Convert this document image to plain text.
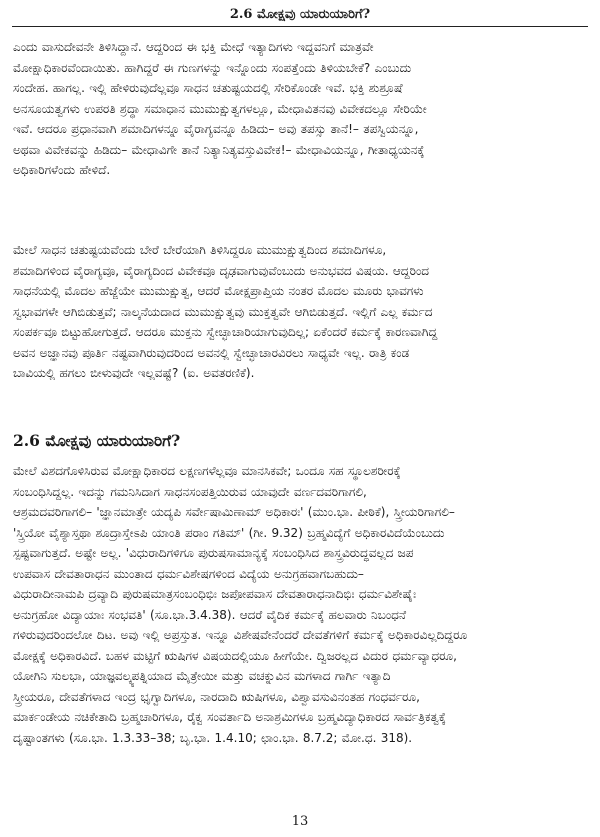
2.6 ಮೋಕ್ಷವು ಯಾರುಯಾರಿಗೆ?

ಎಂದು ವಾಸುದೇವನೇ ತಿಳಿಸಿದ್ದಾನೆ. ಆದ್ದರಿಂದ ಈ ಭಕ್ತಿ ಮೇಧೆ ಇತ್ಯಾದಿಗಳು ಇದ್ದವನಿಗೆ ಮಾತ್ರವೇ
ಮೋಕ್ಷಾಧಿಕಾರವೆಂದಾಯಿತು. ಹಾಗಿದ್ದರೆ ಈ ಗುಣಗಳನ್ನು ಇನ್ನೊಂದು ಸಂಪತ್ತೆಂದು ತಿಳಿಯಬೇಕೆ? ಎಂಬುದು
ಸಂದೇಹ. ಹಾಗಲ್ಲ. ಇಲ್ಲಿ ಹೇಳಿರುವುದೆಲ್ಲವೂ ಸಾಧನ ಚತುಷ್ಟಯದಲ್ಲಿ ಸೇರಿಕೊಂಡೇ ಇವೆ. ಭಕ್ತಿ ಶುಶ್ರೂಷೆ
ಅನಸೂಯತ್ವಗಳು ಉಪರತಿ ಶ್ರದ್ಧಾ ಸಮಾಧಾನ ಮುಮುಕ್ಷುತ್ವಗಳಲ್ಲೂ, ಮೇಧಾವಿತನವು ವಿವೇಕದಲ್ಲೂ ಸೇರಿಯೇ
ಇವೆ. ಆದರೂ ಪ್ರಧಾನವಾಗಿ ಶಮಾದಿಗಳನ್ನೂ ವೈರಾಗ್ಯವನ್ನೂ ಹಿಡಿದು– ಅವು ತಪಸ್ಸು ತಾನೆ!– ತಪಸ್ವಿಯನ್ನೂ,
ಅಥವಾ ವಿವೇಕವನ್ನು ಹಿಡಿದು– ಮೇಧಾವಿಗೇ ತಾನೆ ನಿತ್ಯಾನಿತ್ಯವಸ್ತುವಿವೇಕ!– ಮೇಧಾವಿಯನ್ನೂ, ಗೀತಾಧ್ಯಯನಕ್ಕೆ
ಅಧಿಕಾರಿಗಳೆಂದು ಹೇಳಿದೆ.

ಮೇಲೆ ಸಾಧನ ಚತುಷ್ಟಯವೆಂದು ಬೇರೆ ಬೇರೆಯಾಗಿ ತಿಳಿಸಿದ್ದರೂ ಮುಮುಕ್ಷುತ್ವದಿಂದ ಶಮಾದಿಗಳೂ,
ಶಮಾದಿಗಳಿಂದ ವೈರಾಗ್ಯವೂ, ವೈರಾಗ್ಯದಿಂದ ವಿವೇಕವೂ ದೃಢವಾಗುವುವೆಂಬುದು ಅನುಭವದ ವಿಷಯ. ಆದ್ದರಿಂದ
ಸಾಧನೆಯಲ್ಲಿ ಮೊದಲ ಹೆಜ್ಜೆಯೇ ಮುಮುಕ್ಷುತ್ವ, ಆದರೆ ಮೋಕ್ಷಪ್ರಾಪ್ತಿಯ ನಂತರ ಮೊದಲ ಮೂರು ಭಾವಗಳು
ಸ್ವಭಾವಗಳೇ ಆಗಿಬಿಡುತ್ತವೆ; ನಾಲ್ಕನೆಯದಾದ ಮುಮುಕ್ಷುತ್ವವು ಮುಕ್ತತ್ವವೇ ಆಗಿಬಿಡುತ್ತದೆ. ಇಲ್ಲಿಗೆ ಎಲ್ಲ ಕರ್ಮದ
ಸಂಪರ್ಕವೂ ಬಿಟ್ಟುಹೋಗುತ್ತದೆ. ಆದರೂ ಮುಕ್ತನು ಸ್ವೇಚ್ಛಾಚಾರಿಯಾಗುವುದಿಲ್ಲ; ಏಕೆಂದರೆ ಕರ್ಮಕ್ಕೆ ಕಾರಣವಾಗಿದ್ದ
ಅವನ ಅಜ್ಞಾನವು ಪೂರ್ತಿ ನಷ್ಟವಾಗಿರುವುದರಿಂದ ಅವನಲ್ಲಿ ಸ್ವೇಚ್ಛಾಚಾರವಿರಲು ಸಾಧ್ಯವೇ ಇಲ್ಲ. ರಾತ್ರಿ ಕಂಡ
ಬಾವಿಯಲ್ಲಿ ಹಗಲು ಬೀಳುವುದೇ ಇಲ್ಲವಷ್ಟೆ? (ಐ. ಅವತರಣಿಕೆ).

2.6 ಮೋಕ್ಷವು ಯಾರುಯಾರಿಗೆ?

ಮೇಲೆ ವಿಶದಗೊಳಿಸಿರುವ ಮೋಕ್ಷಾಧಿಕಾರದ ಲಕ್ಷಣಗಳೆಲ್ಲವೂ ಮಾನಸಿಕವೇ; ಒಂದೂ ಸಹ ಸ್ಥೂಲಶರೀರಕ್ಕೆ
ಸಂಬಂಧಿಸಿದ್ದಲ್ಲ. ಇದನ್ನು ಗಮನಿಸಿದಾಗ ಸಾಧನಸಂಪತ್ತಿಯಿರುವ ಯಾವುದೇ ವರ್ಣದವರಿಗಾಗಲಿ,
ಆಶ್ರಮದವರಿಗಾಗಲಿ– 'ಜ್ಞಾನಮಾತ್ರೇ ಯದ್ಯಪಿ ಸರ್ವೇಷಾಮಿಣಾಮ್ ಅಧಿಕಾರಃ' (ಮುಂ.ಭಾ. ಪೀಠಿಕೆ), ಸ್ತ್ರೀಯರಿಗಾಗಲಿ–
'ಸ್ತ್ರಿಯೋ ವೈಶ್ಯಾಸ್ತಥಾ ಶೂದ್ರಾಸ್ತೇಽಪಿ ಯಾಂತಿ ಪರಾಂ ಗತಿಮ್' (ಗೀ. 9.32) ಬ್ರಹ್ಮವಿದ್ಯೆಗೆ ಅಧಿಕಾರವಿದೆಯೆಂಬುದು
ಸ್ಪಷ್ಟವಾಗುತ್ತದೆ. ಅಷ್ಟೇ ಅಲ್ಲ. 'ವಿಧುರಾದಿಗಳಿಗೂ ಪುರುಷಸಾಮಾನ್ಯಕ್ಕೆ ಸಂಬಂಧಿಸಿದ ಶಾಸ್ತ್ರವಿರುದ್ಧವಲ್ಲದ ಜಪ
ಉಪವಾಸ ದೇವತಾರಾಧನ ಮುಂತಾದ ಧರ್ಮವಿಶೇಷಗಳಿಂದ ವಿದ್ಯೆಯ ಅನುಗ್ರಹವಾಗಬಹುದು–
ವಿಧುರಾದೀನಾಮಪಿ ದ್ರವ್ಯಾದಿ ಪುರುಷಮಾತ್ರಸಂಬಂಧಿಭಿಃ ಜಪೋಪವಾಸ ದೇವತಾರಾಧನಾದಿಭಿಃ ಧರ್ಮವಿಶೇಷೈಃ
ಅನುಗ್ರಹೋ ವಿದ್ಯಾಯಾಃ ಸಂಭವತಿ' (ಸೂ.ಭಾ.3.4.38). ಆದರೆ ವೈದಿಕ ಕರ್ಮಕ್ಕೆ ಹಲವಾರು ನಿಬಂಧನೆ
ಗಳಿರುವುದರಿಂದಲೋ ದಿಟ. ಅವು ಇಲ್ಲಿ ಅಪ್ರಸ್ತುತ. ಇನ್ನೂ ವಿಶೇಷವೇನೆಂದರೆ ದೇವತೆಗಳಿಗೆ ಕರ್ಮಕ್ಕೆ ಅಧಿಕಾರವಿಲ್ಲದಿದ್ದರೂ
ಮೋಕ್ಷಕ್ಕೆ ಅಧಿಕಾರವಿದೆ. ಬಹಳ ಮಟ್ಟಿಗೆ ಋಷಿಗಳ ವಿಷಯದಲ್ಲಿಯೂ ಹೀಗೆಯೇ. ದ್ವಿಜರಲ್ಲದ ವಿದುರ ಧರ್ಮವ್ಯಾಧರೂ,
ಯೋಗಿನಿ ಸುಲಭಾ, ಯಾಜ್ಞವಲ್ಕ್ಯಪತ್ನಿಯಾದ ಮೈತ್ರೇಯೀ ಮತ್ತು ವಚಕ್ನುವಿನ ಮಗಳಾದ ಗಾರ್ಗಿ ಇತ್ಯಾದಿ
ಸ್ತ್ರೀಯರೂ, ದೇವತೆಗಳಾದ ಇಂದ್ರ ಭೃಗ್ವಾದಿಗಳೂ, ನಾರದಾದಿ ಋಷಿಗಳೂ, ವಿಶ್ವಾವಸುವಿನಂತಹ ಗಂಧರ್ವರೂ,
ಮಾರ್ಕಂಡೇಯ ನಚಿಕೇತಾದಿ ಬ್ರಹ್ಮಚಾರಿಗಳೂ, ರೈಕ್ವ ಸಂವರ್ತಾದಿ ಅನಾಶ್ರಮಿಗಳೂ ಬ್ರಹ್ಮವಿದ್ಯಾಧಿಕಾರದ ಸಾರ್ವತ್ರಿಕತ್ವಕ್ಕೆ
ದೃಷ್ಟಾಂತಗಳು (ಸೂ.ಭಾ. 1.3.33–38; ಬೃ.ಭಾ. 1.4.10; ಛಾಂ.ಭಾ. 8.7.2; ಮೋ.ಧ. 318).

13
